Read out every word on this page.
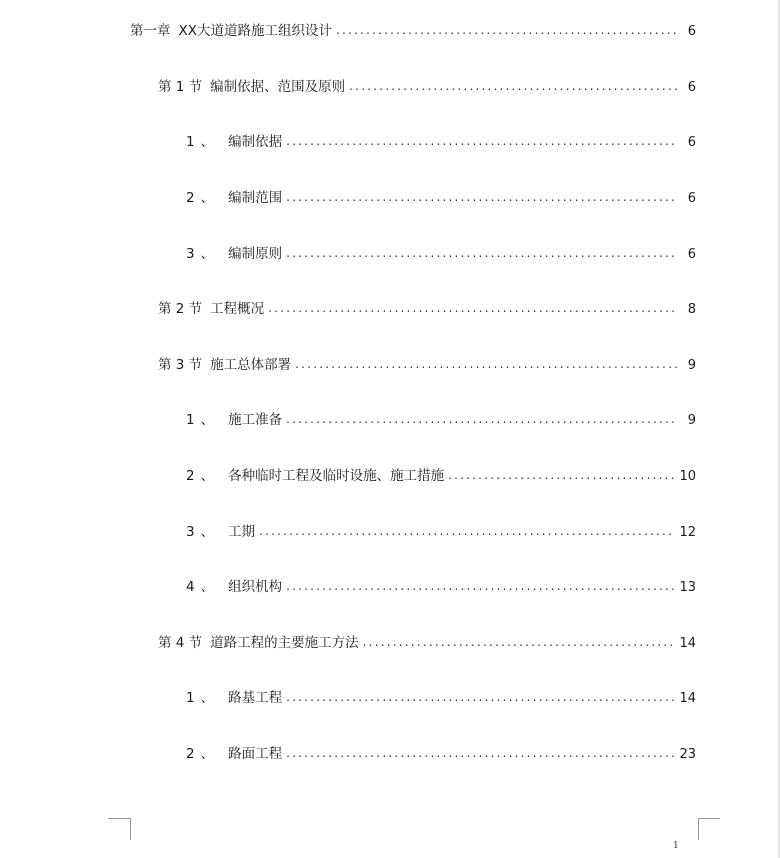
第一章 XX大道道路施工组织设计 .....	6
第 1 节 编制依据、范围及原则 .....	6
1 、 编制依据 .....	6
2 、 编制范围 .....	6
3 、 编制原则 .....	6
第 2 节 工程概况 .....	8
第 3 节 施工总体部署 .....	9
1 、 施工准备 .....	9
2 、 各种临时工程及临时设施、施工措施 .....	10
3 、 工期 .....	12
4 、 组织机构 .....	13
第 4 节 道路工程的主要施工方法 .....	14
1 、 路基工程 .....	14
2 、 路面工程 .....	23
1
